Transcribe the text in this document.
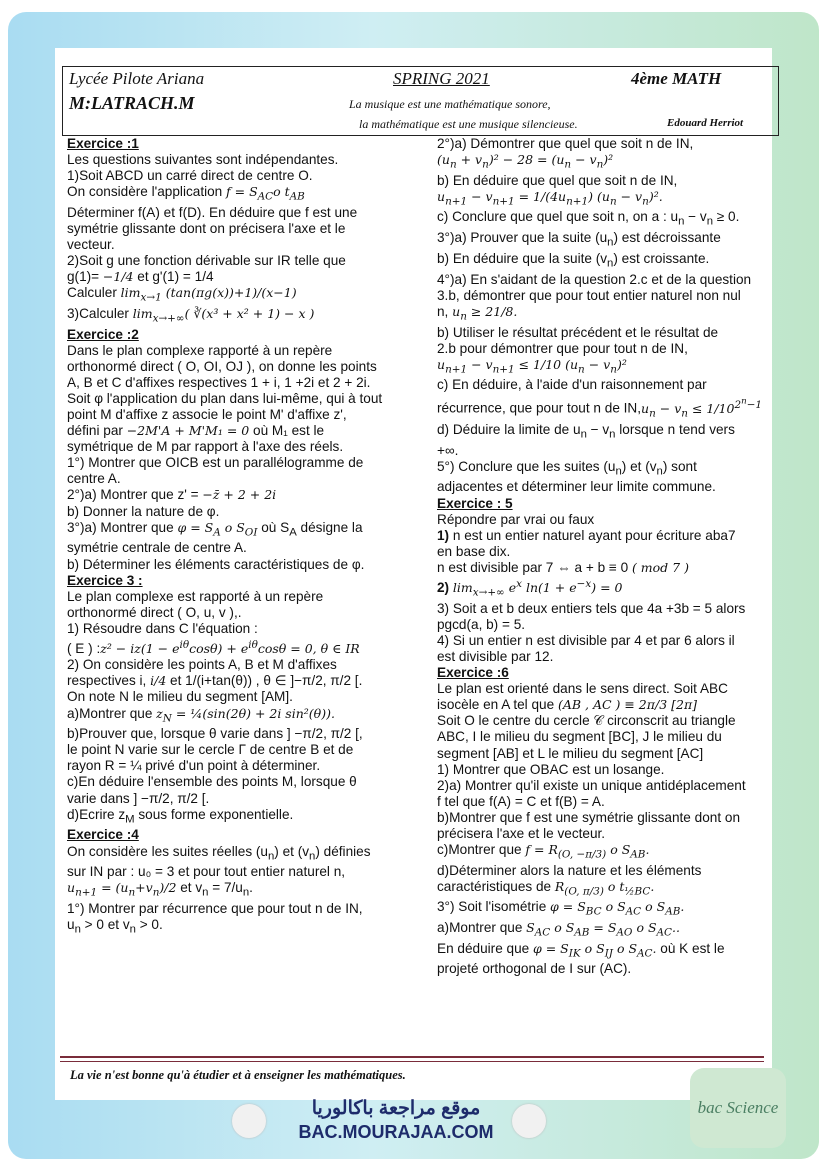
Lycée Pilote Ariana
M:LATRACH.M
SPRING 2021	4ème MATH
La musique est une mathématique sonore,
la mathématique est une musique silencieuse.	Edouard Herriot

Exercice :1

Les questions suivantes sont indépendantes.

1)Soit ABCD un carré direct de centre O.

On considère l'application $f = S_{AC}o$ $t_{AB}$

Déterminer f(A) et f(D). En déduire que f est une

symétrie glissante dont on précisera l'axe et le

vecteur.

2)Soit g une fonction dérivable sur IR telle que

g(1)= −1/4 et g'(1) = 1/4

Calculer $\lim_{x\to 1} (\tan(\pi g(x))+1)/(x-1)$

3)Calculer $\lim_{x\to+\infty}$( ∛(x³ + x² + 1) − x )

Exercice :2

Dans le plan complexe rapporté à un repère

orthonormé direct ( O, OI, OJ ), on donne les points

A, B et C d'affixes respectives 1 + i, 1 +2i et 2 + 2i.

Soit φ l'application du plan dans lui-même, qui à tout

point M d'affixe z associe le point M' d'affixe z',

défini par −2M'A + M'M₁ = 0 où M₁ est le

symétrique de M par rapport à l'axe des réels.

1°) Montrer que OICB est un parallélogramme de

centre A.

2°)a) Montrer que z' = −z̄ + 2 + 2i

b) Donner la nature de φ.

3°)a) Montrer que $\varphi = S_A$ o $S_{OI}$ où $S_A$ désigne la

symétrie centrale de centre A.

b) Déterminer les éléments caractéristiques de φ.

Exercice 3 :

Le plan complexe est rapporté à un repère

orthonormé direct ( O, u, v ),.

1) Résoudre dans C l'équation :

( E ) :z² − $iz(1 - e^{i\theta}\cos\theta) + e^{i\theta}\cos\theta = 0$, θ ∈ IR

2) On considère les points A, B et M d'affixes

respectives i, i/4 et 1/(i+tan(θ)) , θ ∈ ]−π/2, π/2 [.

On note N le milieu du segment [AM].

a)Montrer que $z_N$ = ¼(sin(2θ) + 2i sin²(θ)).

b)Prouver que, lorsque θ varie dans ] −π/2, π/2 [,

le point N varie sur le cercle Γ de centre B et de

rayon R = ¼ privé d'un point à déterminer.

c)En déduire l'ensemble des points M, lorsque θ

varie dans ] −π/2, π/2 [.

d)Ecrire $z_M$ sous forme exponentielle.

Exercice :4

On considère les suites réelles $(u_n)$ et $(v_n)$ définies

sur IN par : u₀ = 3 et pour tout entier naturel n,

$u_{n+1} = (u_n+v_n)/2$ et $v_n = 7/u_n$.

1°) Montrer par récurrence que pour tout n de IN,

$u_n > 0$ et $v_n > 0$.

2°)a) Démontrer que quel que soit n de IN,

$(u_n + v_n)^2 - 28 = (u_n - v_n)^2$

b) En déduire que quel que soit n de IN,

$u_{n+1} - v_{n+1} = 1/(4u_{n+1}) (u_n - v_n)^2$.

c) Conclure que quel que soit n, on a : $u_n - v_n \ge 0$.

3°)a) Prouver que la suite $(u_n)$ est décroissante

b) En déduire que la suite $(v_n)$ est croissante.

4°)a) En s'aidant de la question 2.c et de la question

3.b, démontrer que pour tout entier naturel non nul

n, $u_n \ge 21/8$.

b) Utiliser le résultat précédent et le résultat de

2.b pour démontrer que pour tout n de IN,

$u_{n+1} - v_{n+1} \le 1/10$ $(u_n - v_n)^2$

c) En déduire, à l'aide d'un raisonnement par

récurrence, que pour tout n de $IN,u_n - v_n \le 1/10^{2^n-1}$

d) Déduire la limite de $u_n - v_n$ lorsque n tend vers

+∞.

5°) Conclure que les suites $(u_n)$ et $(v_n)$ sont

adjacentes et déterminer leur limite commune.

Exercice : 5

Répondre par vrai ou faux

1) n est un entier naturel ayant pour écriture aba7

en base dix.

n est divisible par 7 ⇔ a + b ≡ 0 ( mod 7 )

2) $\lim_{x\to+\infty} e^x$ $\ln(1 + e^{-x}) = 0$

3) Soit a et b deux entiers tels que 4a +3b = 5 alors

pgcd(a, b) = 5.

4) Si un entier n est divisible par 4 et par 6 alors il

est divisible par 12.

Exercice :6

Le plan est orienté dans le sens direct. Soit ABC

isocèle en A tel que (AB , AC ) ≡ 2π/3 [2π]

Soit O le centre du cercle 𝒞 circonscrit au triangle

ABC, I le milieu du segment [BC], J le milieu du

segment [AB] et L le milieu du segment [AC]

1) Montrer que OBAC est un losange.

2)a) Montrer qu'il existe un unique antidéplacement

f tel que f(A) = C et f(B) = A.

b)Montrer que f est une symétrie glissante dont on

précisera l'axe et le vecteur.

c)Montrer que $f = R_{(O, -\pi/3)}$ o $S_{AB}$.

d)Déterminer alors la nature et les éléments

caractéristiques de $R_{(O, \pi/3)}$ o $t_{\frac{1}{2}BC}$.

3°) Soit l'isométrie $\varphi = S_{BC}$ o $S_{AC}$ o $S_{AB}$.

a)Montrer que $S_{AC}$ o $S_{AB} = S_{AO}$ o $S_{AC}$..

En déduire que $\varphi = S_{IK}$ o $S_{IJ}$ o $S_{AC}$. où K est le

projeté orthogonal de I sur (AC).

La vie n'est bonne qu'à étudier et à enseigner les mathématiques.
موقع مراجعة باكالوريا
BAC.MOURAJAA.COM
bac Science
